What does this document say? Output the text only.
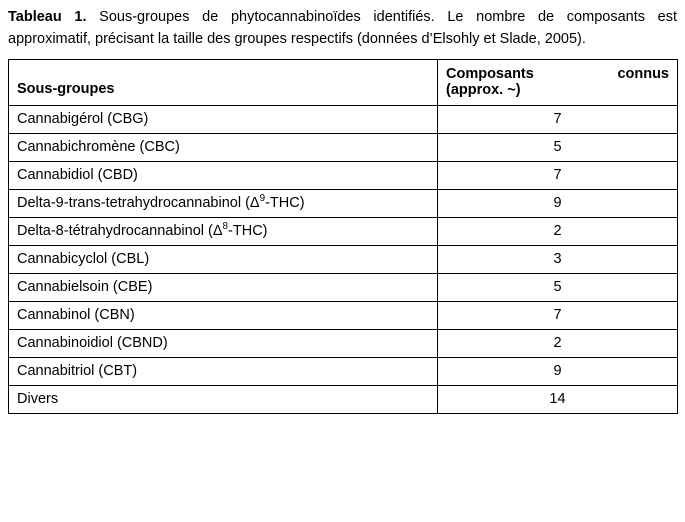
Tableau 1. Sous-groupes de phytocannabinoïdes identifiés. Le nombre de composants est approximatif, précisant la taille des groupes respectifs (données d’Elsohly et Slade, 2005).

Sous-groupes	Composants connus
(approx. ~)

Cannabigérol (CBG)	7
Cannabichromène (CBC)	5
Cannabidiol (CBD)	7
Delta-9-trans-tetrahydrocannabinol $(\Delta^9-THC)$	9
Delta-8-tétrahydrocannabinol $(\Delta^8-THC)$	2
Cannabicyclol (CBL)	3
Cannabielsoin (CBE)	5
Cannabinol (CBN)	7
Cannabinoidiol (CBND)	2
Cannabitriol (CBT)	9
Divers	14
